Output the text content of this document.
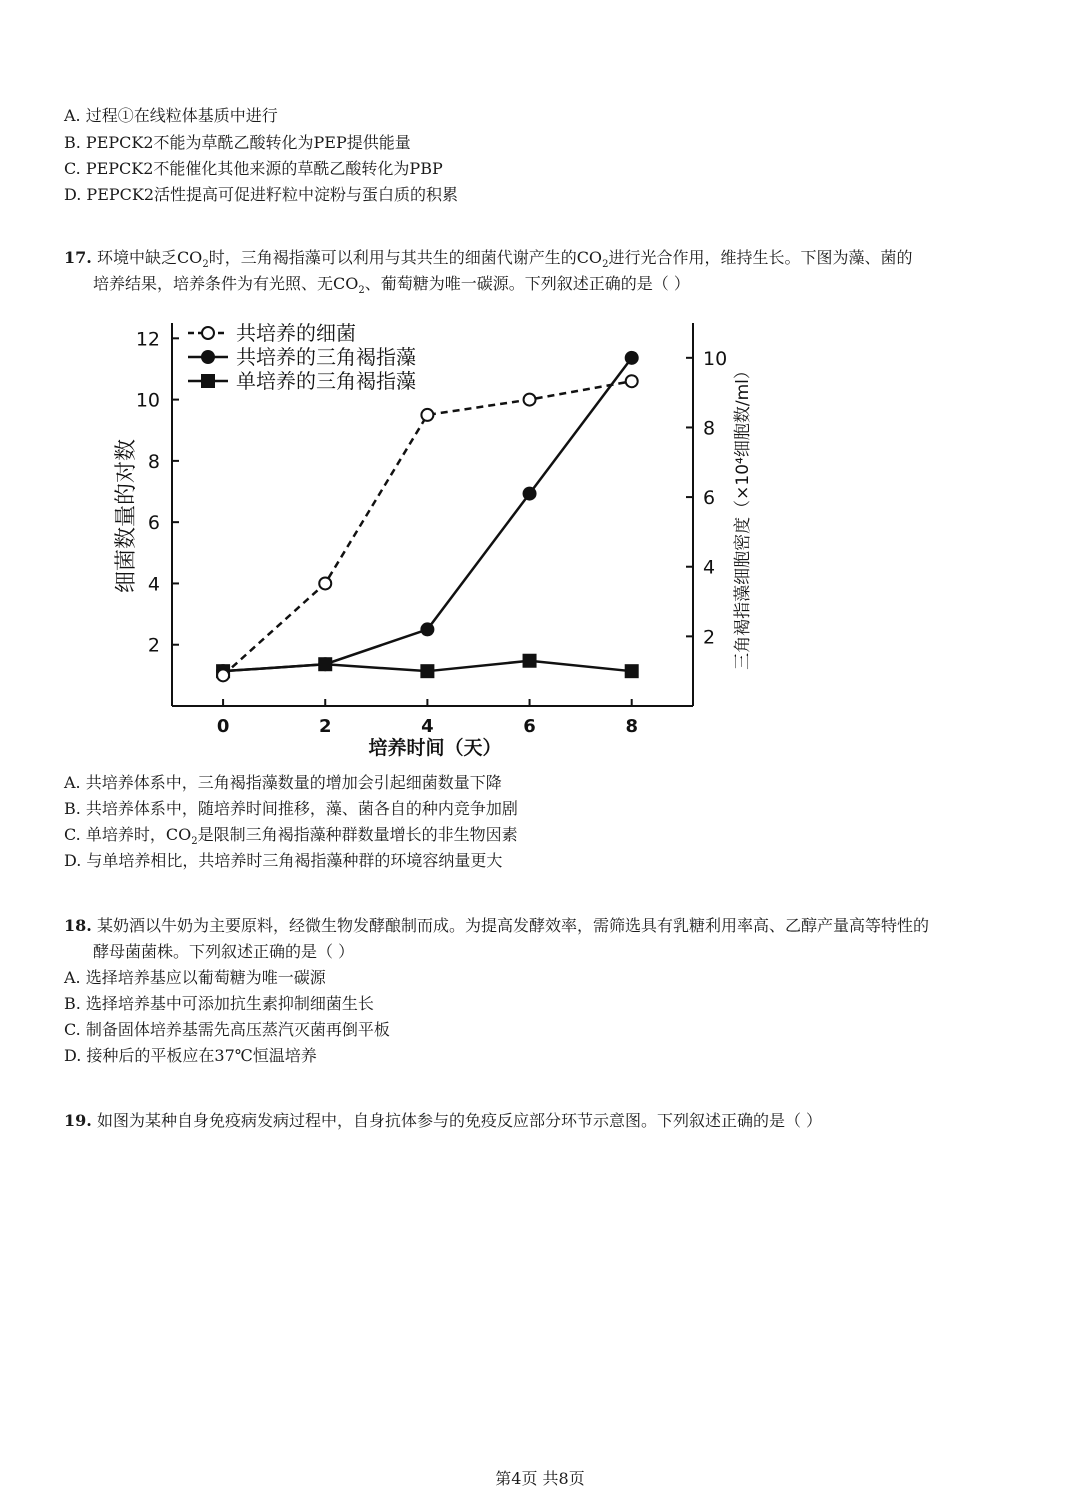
A. 过程①在线粒体基质中进行
B. PEPCK2不能为草酰乙酸转化为PEP提供能量
C. PEPCK2不能催化其他来源的草酰乙酸转化为PBP
D. PEPCK2活性提高可促进籽粒中淀粉与蛋白质的积累
17. 环境中缺乏$CO_2$时，三角褐指藻可以利用与其共生的细菌代谢产生的$CO_2$进行光合作用，维持生长。下图为藻、菌的
培养结果，培养条件为有光照、无$CO_2$、葡萄糖为唯一碳源。下列叙述正确的是（ ）
0	2	4	6	8
2
4
6
8
10
12
2
4
6
8
10
共培养的细菌
共培养的三角褐指藻
单培养的三角褐指藻
培养时间（天）
细菌数量的对数	三角褐指藻细胞密度（×10⁴细胞数/ml）
A. 共培养体系中，三角褐指藻数量的增加会引起细菌数量下降
B. 共培养体系中，随培养时间推移，藻、菌各自的种内竞争加剧
C. 单培养时，$CO_2$是限制三角褐指藻种群数量增长的非生物因素
D. 与单培养相比，共培养时三角褐指藻种群的环境容纳量更大
18. 某奶酒以牛奶为主要原料，经微生物发酵酿制而成。为提高发酵效率，需筛选具有乳糖利用率高、乙醇产量高等特性的
酵母菌菌株。下列叙述正确的是（ ）
A. 选择培养基应以葡萄糖为唯一碳源
B. 选择培养基中可添加抗生素抑制细菌生长
C. 制备固体培养基需先高压蒸汽灭菌再倒平板
D. 接种后的平板应在37℃恒温培养
19. 如图为某种自身免疫病发病过程中，自身抗体参与的免疫反应部分环节示意图。下列叙述正确的是（ ）
第4页 共8页
